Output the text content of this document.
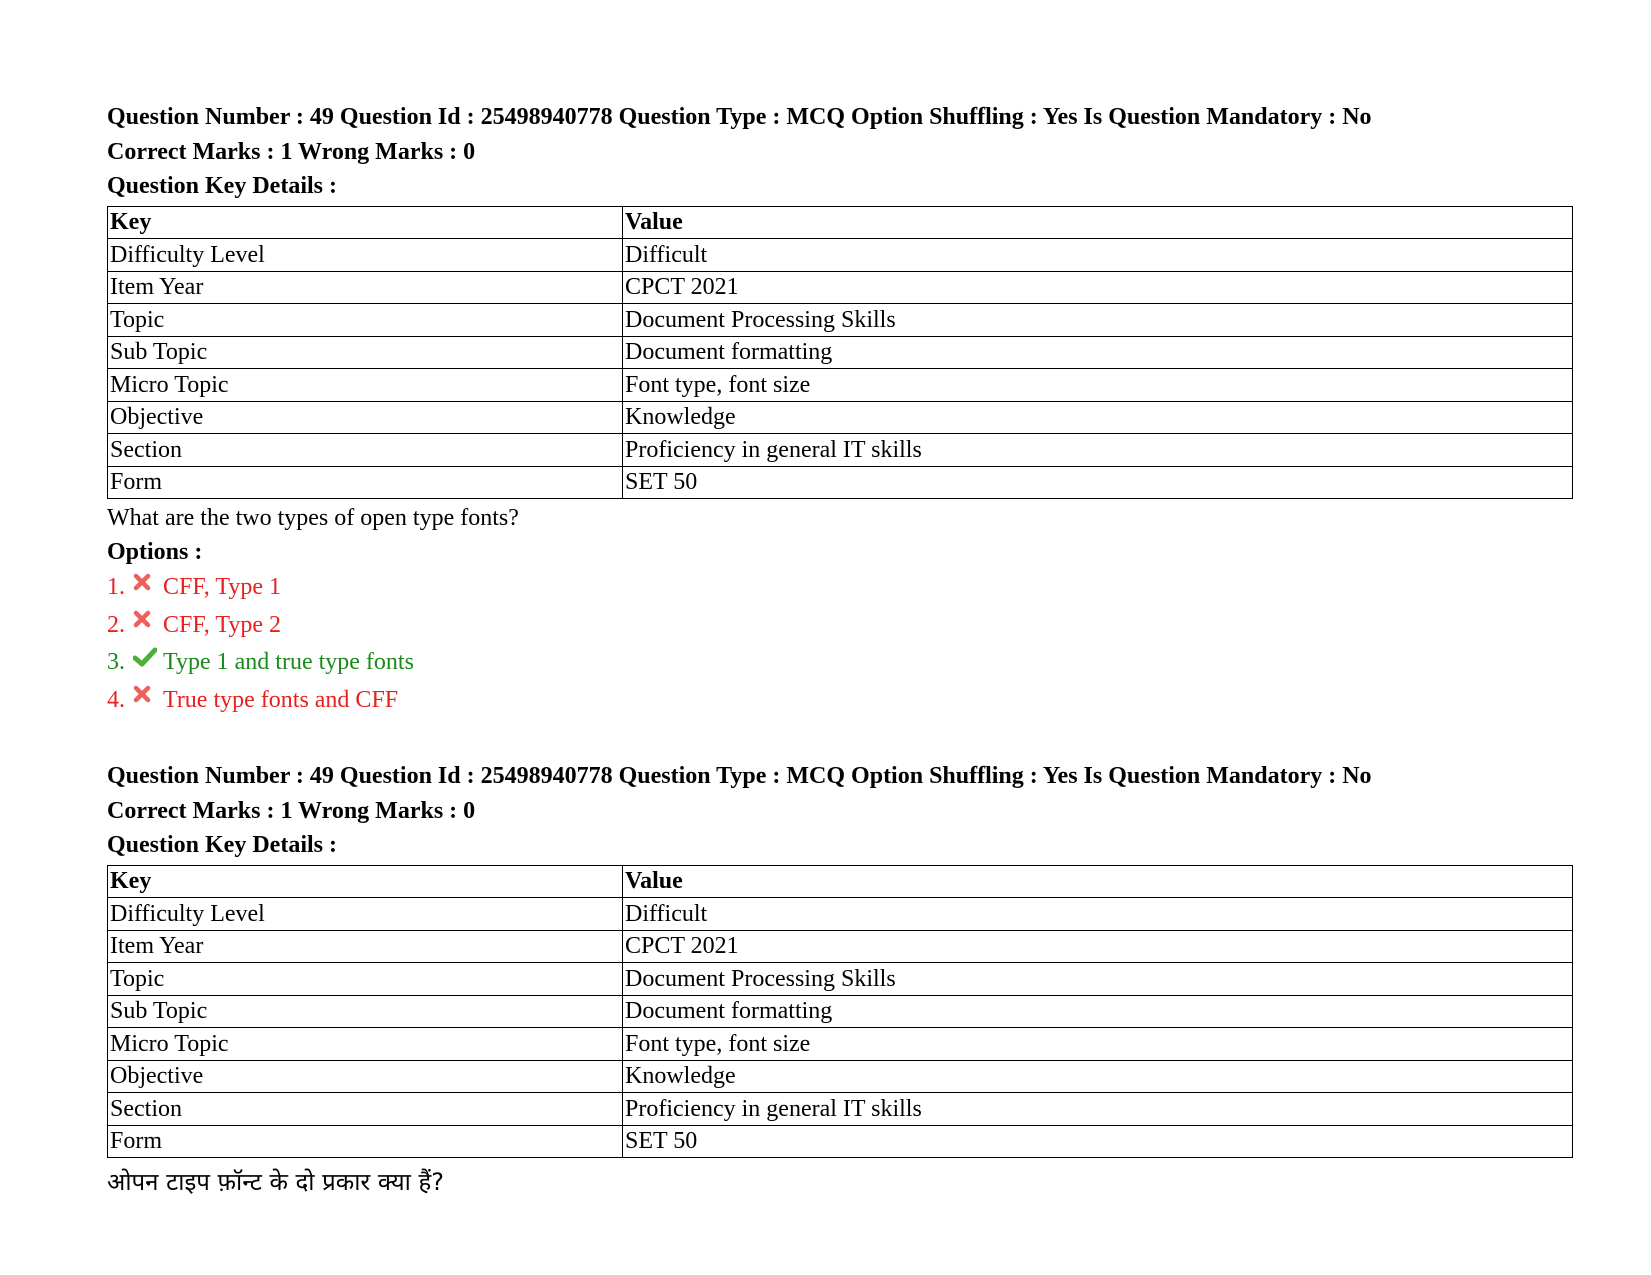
Question Number : 49 Question Id : 25498940778 Question Type : MCQ Option Shuffling : Yes Is Question Mandatory : No
Correct Marks : 1 Wrong Marks : 0
Question Key Details :
Key	Value
Difficulty Level	Difficult
Item Year	CPCT 2021
Topic	Document Processing Skills
Sub Topic	Document formatting
Micro Topic	Font type, font size
Objective	Knowledge
Section	Proficiency in general IT skills
Form	SET 50
What are the two types of open type fonts?
Options :
1.	CFF, Type 1
2.	CFF, Type 2
3.	Type 1 and true type fonts
4.	True type fonts and CFF
Question Number : 49 Question Id : 25498940778 Question Type : MCQ Option Shuffling : Yes Is Question Mandatory : No
Correct Marks : 1 Wrong Marks : 0
Question Key Details :
Key	Value
Difficulty Level	Difficult
Item Year	CPCT 2021
Topic	Document Processing Skills
Sub Topic	Document formatting
Micro Topic	Font type, font size
Objective	Knowledge
Section	Proficiency in general IT skills
Form	SET 50
ओपन टाइप फ़ॉन्ट के दो प्रकार क्या हैं?
